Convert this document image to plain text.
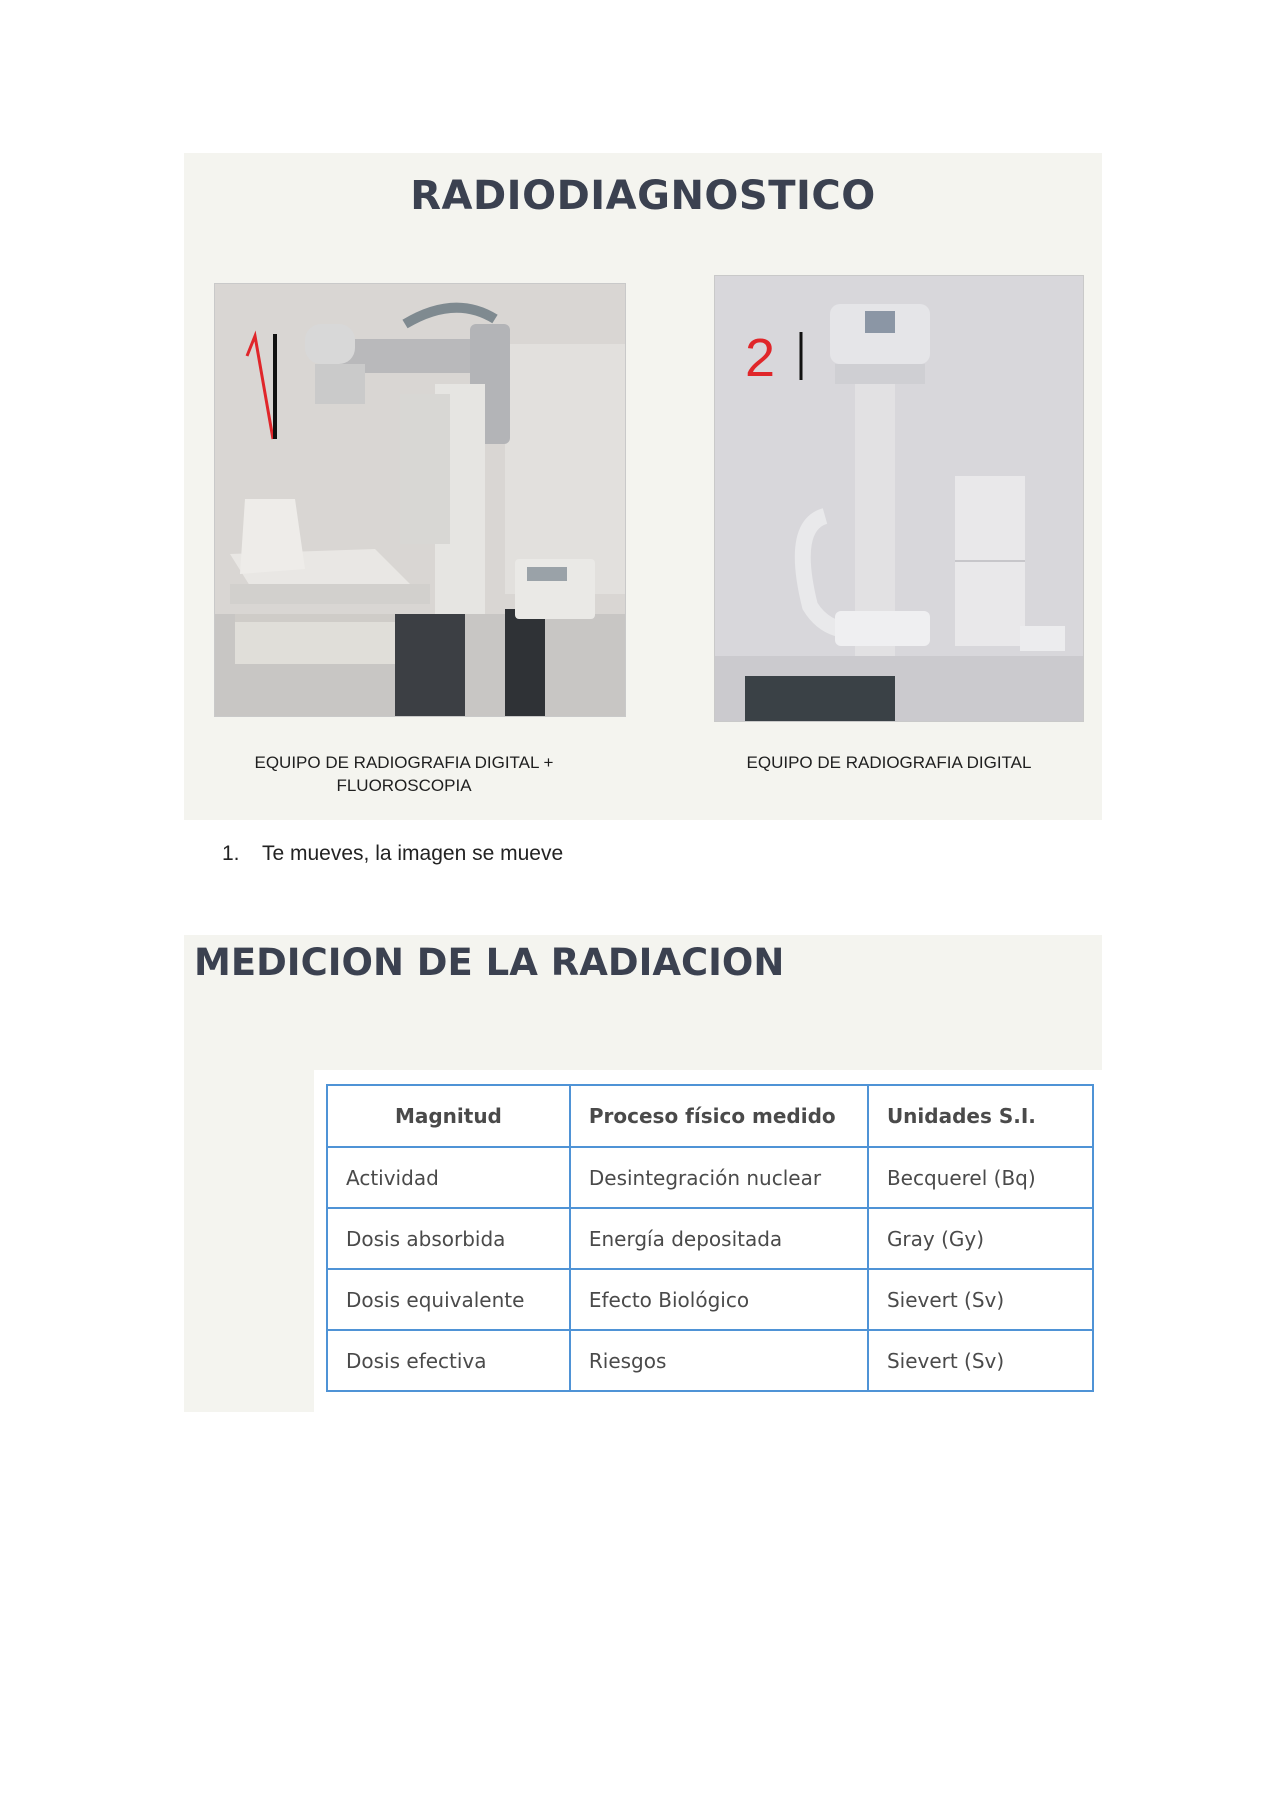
RADIODIAGNOSTICO
2
EQUIPO DE RADIOGRAFIA DIGITAL + FLUOROSCOPIA
EQUIPO DE RADIOGRAFIA DIGITAL
1. Te mueves, la imagen se mueve
MEDICION DE LA RADIACION
Magnitud	Proceso físico medido	Unidades S.I.
Actividad	Desintegración nuclear	Becquerel (Bq)
Dosis absorbida	Energía depositada	Gray (Gy)
Dosis equivalente	Efecto Biológico	Sievert (Sv)
Dosis efectiva	Riesgos	Sievert (Sv)
